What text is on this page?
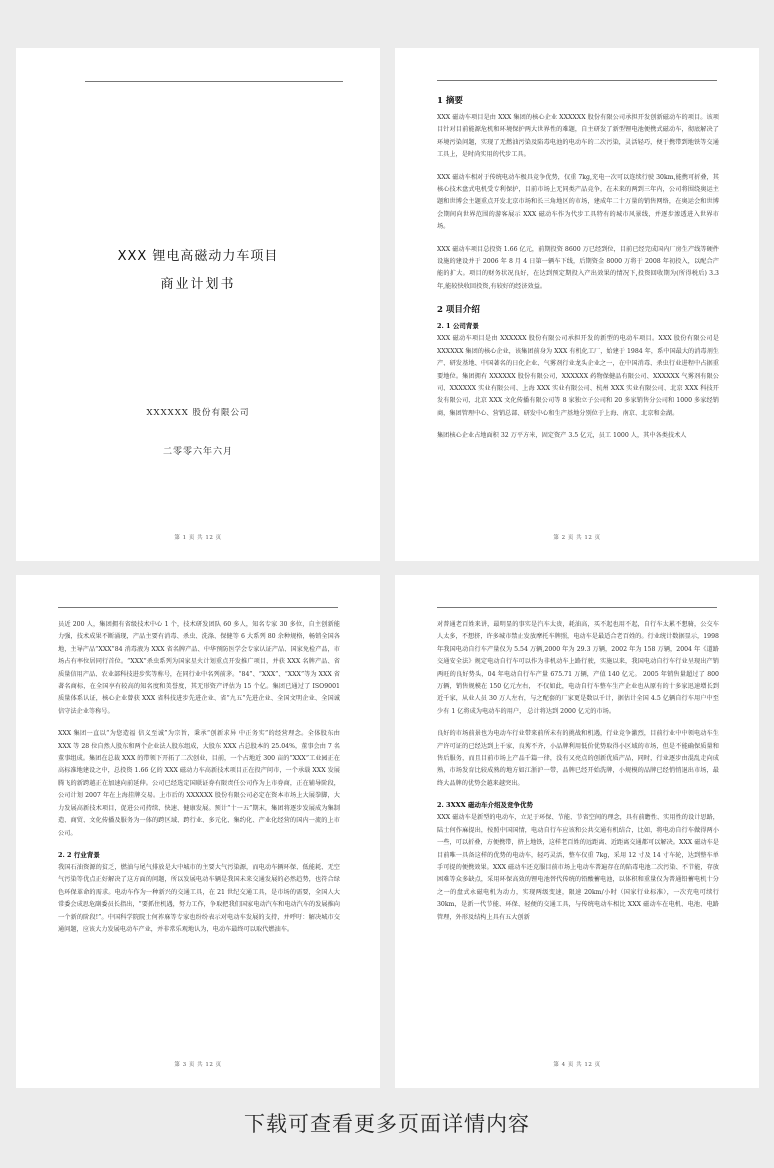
XXX 锂电高磁动力车项目
商业计划书
XXXXXX 股份有限公司
二零零六年六月
第 1 页 共 12 页
1 摘要
XXX 磁动车项目是由 XXX 集团的核心企业 XXXXXX 股份有限公司承担开发创新磁动车的项目。该项目针对目前能源危机和环境保护两大世界性的难题，自主研发了新型锂电池便携式磁动车，彻底解决了环境污染问题，实现了无燃油污染及陷毒电池的电动车的二次污染，灵活轻巧，便于携带到地铁等交通工具上，是时尚实用的代步工具。
XXX 磁动车相对于传统电动车极具竞争优势，仅重 7kg,充电一次可以连续行驶 30km,能携可折叠，其核心技术盘式电机受专利保护，目前市场上无同类产品竞争，在未来的两到三年内，公司将围绕奥运主题和世博会主题重点开发北京市场和长三角地区的市场，建成年二十万量的销售网络，在奥运会和世博会期间向世界范围的游客展示 XXX 磁动车作为代步工具特有的城市风景线，并逐步渗透进入世界市场。
XXX 磁动车项目总投资 1.66 亿元，前期投资 8600 万已经到位，目前已经完成国内厂房生产线等硬件设施的建设并于 2006 年 8 月 4 日第一辆车下线，后期资金 8000 万将于 2008 年初投入，以配合产能的扩大。项目的财务状况良好，在达到预定期投入产出效果的情况下,投资回收期为(所得税后) 3.3 年,能较快收回投资,有较好的经济效益。
2 项目介绍
2. 1 公司背景
XXX 磁动车项目是由 XXXXXX 股份有限公司承担开发的新型的电动车项目。XXX 股份有限公司是 XXXXXX 集团的核心企业，该集团前身为 XXX 有机化工厂，始建于 1984 年，系中国最大的消毒剂生产、研发基地、中国著名的日化企业、气雾剂行业龙头企业之一，在中国消毒、杀虫行业进程中占据重要地位。集团拥有 XXXXXX 股份有限公司，XXXXXX 药物保健品有限公司、XXXXXX 气雾剂有限公司、XXXXXX 实业有限公司、上海 XXX 实业有限公司、杭州 XXX 实业有限公司、北京 XXX 科技开发有限公司，北京 XXX 文化传播有限公司等 8 家独立子公司和 20 多家销售分公司和 1000 多家经销商，集团管理中心、营销总部、研发中心和生产基地分别位于上海、南京、北京和金湖。
集团核心企业占地面积 32 万平方米，固定资产 3.5 亿元，员工 1000 人，其中各类技术人
第 2 页 共 12 页
员近 200 人，集团拥有省级技术中心 1 个，技术研发团队 60 多人，知名专家 30 多位，自主创新能力强，技术成果不断涌现，产品主要有消毒、杀虫、洗涤、保健等 6 大系列 80 余种规格，畅销全国各地，主导产品“XXX”84 消毒液为 XXX 省名牌产品、中华预防医学会专家认证产品、国家免检产品，市场占有率位居同行首位。“XXX”杀虫系列为国家星火计划重点开发推广项目，并获 XXX 名牌产品、省质量信用产品、农业部科技进步奖等称号，在同行业中名列前茅。“84”、“XXX”、“XXX”等为 XXX 省著名商标，在全国享有较高的知名度和美誉度，其无形资产评估为 15 个亿。集团已通过了 ISO9001 质量体系认证，核心企业曾获 XXX 省科技进步先进企业、省“九五”先进企业、全国文明企业、全国诚信守法企业等称号。
XXX 集团一直以“为您造福 信义至诚”为宗旨，秉承“创新求异 中正务实”的经营理念。全体股东由 XXX 等 28 位自然人股东和两个企业法人股东组成，大股东 XXX 占总股本的 25.04%，董事会由 7 名董事组成。集团在总裁 XXX 的带领下开拓了二次创业，目前，一个占地近 300 亩的“XXX”工业园正在高标准地建设之中，总投资 1.66 亿的 XXX 磁动力车高新技术项目正在投产问市，一个承载 XXX 发展腾飞的新跨越正在加速向前延伸。公司已经选定国联证券有限责任公司作为上市券商，正在辅导阶段，公司计划 2007 年在上海挂牌交易。上市后的 XXXXXX 股份有限公司必定在资本市场上大展拳脚，大力发展高新技术项目，促进公司持续、快速、健康发展。预计“十一五”期末，集团将逐步发展成为集制造、商贸、文化传播及服务为一体的跨区域、跨行业、多元化、集约化、产业化经营的国内一流的上市公司。
2. 2 行业背景
我国石油资源的贫乏，燃油与尾气排放是大中城市的主要大气污染源，而电动车辆环保、低能耗、无空气污染等优点正好解决了这方面的问题，所以发展电动车辆是我国未来交通发展的必然趋势，也符合绿色环保革命的需求。电动车作为一种新兴的交通工具，在 21 世纪交通工具，是市场的需要，全国人大常委会成思危副委员长指出，“要抓住机遇，努力工作，争取把我们国家电动汽车和电动汽车的发展推向一个新的阶段!”。中国科学院院士何祚庥等专家也纷纷表示对电动车发展的支持，并呼吁：解决城市交通问题，应该大力发展电动车产业，并非常乐观地认为，电动车最终可以取代燃油车。
第 3 页 共 12 页
对普通老百姓来讲，最明显的事实是汽车太贵，耗油高，买不起也用不起，自行车太累不想骑，公交车人太多，不想挤，许多城市禁止发放摩托车牌照，电动车是最适合老百姓的。行业统计数据显示，1998 年我国电动自行车产量仅为 5.54 万辆,2000 年为 29.3 万辆，2002 年为 158 万辆，2004 年《道路交通安全法》规定电动自行车可以作为非机动车上路行驶，实施以来，我国电动自行车行业呈现出产销两旺的良好势头，04 年电动自行车产量 675.71 万辆，产值 140 亿元。 2005 年销售量超过了 800 万辆，销售规模在 150 亿元左右， 不仅如此，电动自行车整车生产企业也从原有的十多家迅速增长到近千家，从业人员 30 万人左右，与之配套的厂家更是数以千计，据估计全国 4.5 亿辆自行车用户中至少有 1 亿将成为电动车的用户， 总计将达到 2000 亿元的市场。
良好的市场前景也为电动车行业带来前所未有的挑战和机遇，行业竞争激烈，目前行业中中领电动车生产许可证的已经达到上千家，良莠不齐，小品牌利用低价优势取得小区域的市场，但是不能确保质量和售后服务，而且目前市场上产品千篇一律，没有又亮点的创新优质产品，同时，行业逐步由混乱走向成熟，市场发育比较成熟的地方如江浙沪一带，品牌已经开始洗牌，小规模的品牌已经悄悄退出市场，最终大品牌的优势会越来越突出。
2. 3XXX 磁动车介绍及竞争优势
XXX 磁动车是新型的电动车，立足于环保、节能、节省空间的理念，具有前瞻性、实用性的设计思路，陆士何作麻提出，按照中国国情，电动自行车应该和公共交通有机结合，比如，将电动自行车做得两小一些，可以折叠，方便携带，挤上地铁，这样老百姓的远距离、近距离交通都可以解决。XXX 磁动车是目前唯一具备这样的优势的电动车，轻巧灵活，整车仅重 7kg，采用 12 寸及 14 寸车轮，达到整车单手可提的便携效果。XXX 磁动车还克服目前市场上电动车普遍存在的陷毒电池二次污染、不节能，存放困难等众多缺点，采用环保高效的锂电池替代传统的铅酸蓄电池，以体积和重量仅为普通铅蓄电机十分之一的盘式永磁电机为动力，实现两级变速，限速 20km/小时（国家行业标准），一次充电可续行 30km，是新一代节能、环保、轻便的交通工具，与传统电动车相比 XXX 磁动车在电机、电池、电路管理，外形及结构上具有五大创新
第 4 页 共 12 页
下载可查看更多页面详情内容
